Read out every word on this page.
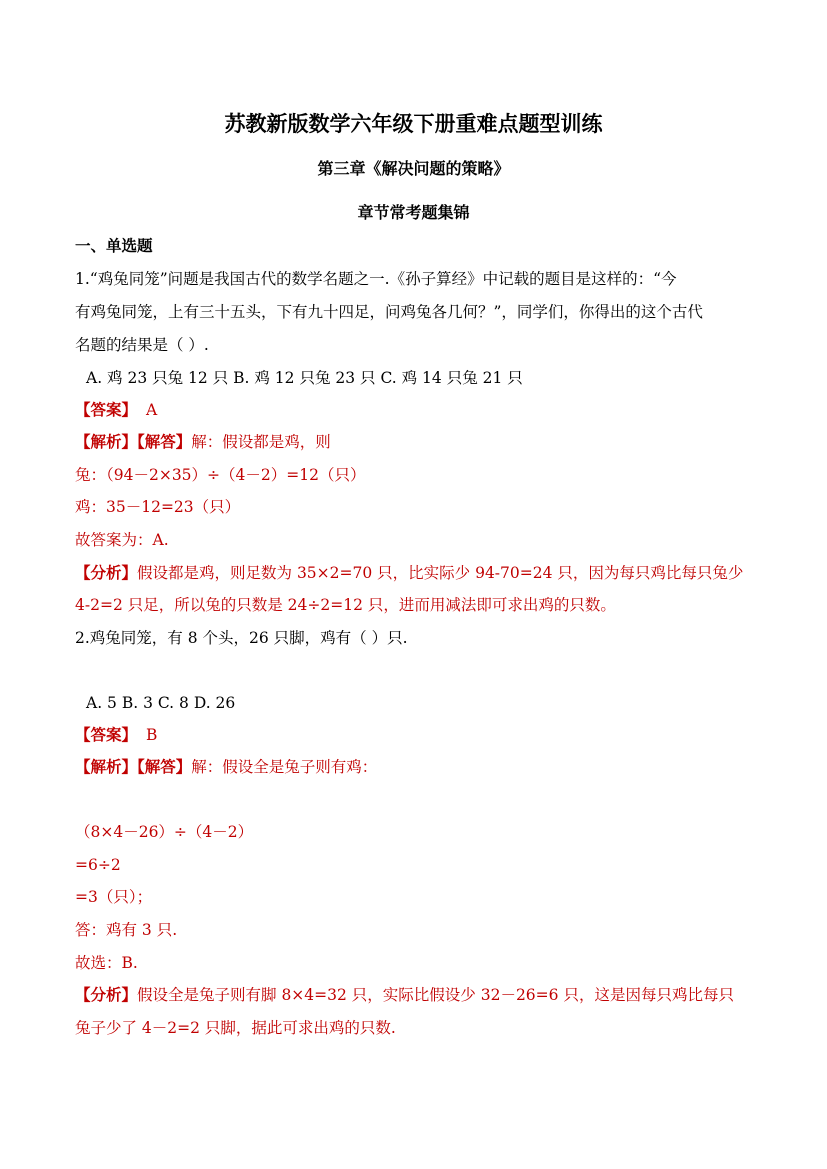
苏教新版数学六年级下册重难点题型训练
第三章《解决问题的策略》
章节常考题集锦
一、单选题
1.“鸡兔同笼”问题是我国古代的数学名题之一.《孙子算经》中记载的题目是这样的：“今
有鸡兔同笼，上有三十五头，下有九十四足，问鸡兔各几何？”，同学们，你得出的这个古代
名题的结果是（ ）.
A. 鸡 23 只兔 12 只 B. 鸡 12 只兔 23 只 C. 鸡 14 只兔 21 只
【答案】 A
【解析】【解答】解：假设都是鸡，则
兔：（94－2×35）÷（4－2）=12（只）
鸡：35－12=23（只）
故答案为：A.
【分析】假设都是鸡，则足数为 35×2=70 只，比实际少 94-70=24 只，因为每只鸡比每只兔少
4-2=2 只足，所以兔的只数是 24÷2=12 只，进而用减法即可求出鸡的只数。
2.鸡兔同笼，有 8 个头，26 只脚，鸡有（ ）只.
A. 5 B. 3 C. 8 D. 26
【答案】 B
【解析】【解答】解：假设全是兔子则有鸡：
（8×4－26）÷（4－2）
=6÷2
=3（只）；
答：鸡有 3 只.
故选：B.
【分析】假设全是兔子则有脚 8×4=32 只，实际比假设少 32－26=6 只，这是因每只鸡比每只
兔子少了 4－2=2 只脚，据此可求出鸡的只数.
